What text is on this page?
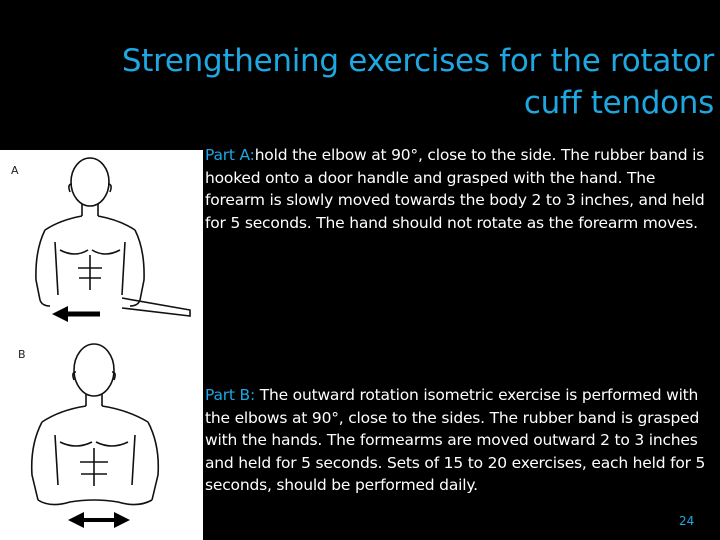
Strengthening exercises for the rotator cuff tendons
A
B
Part A:hold the elbow at 90°, close to the side. The rubber band is hooked onto a door handle and grasped with the hand. The forearm is slowly moved towards the body 2 to 3 inches, and held for 5 seconds. The hand should not rotate as the forearm moves.
Part B: The outward rotation isometric exercise is performed with the elbows at 90°, close to the sides. The rubber band is grasped with the hands. The formearms are moved outward 2 to 3 inches and held for 5 seconds. Sets of 15 to 20 exercises, each held for 5 seconds, should be performed daily.
24
